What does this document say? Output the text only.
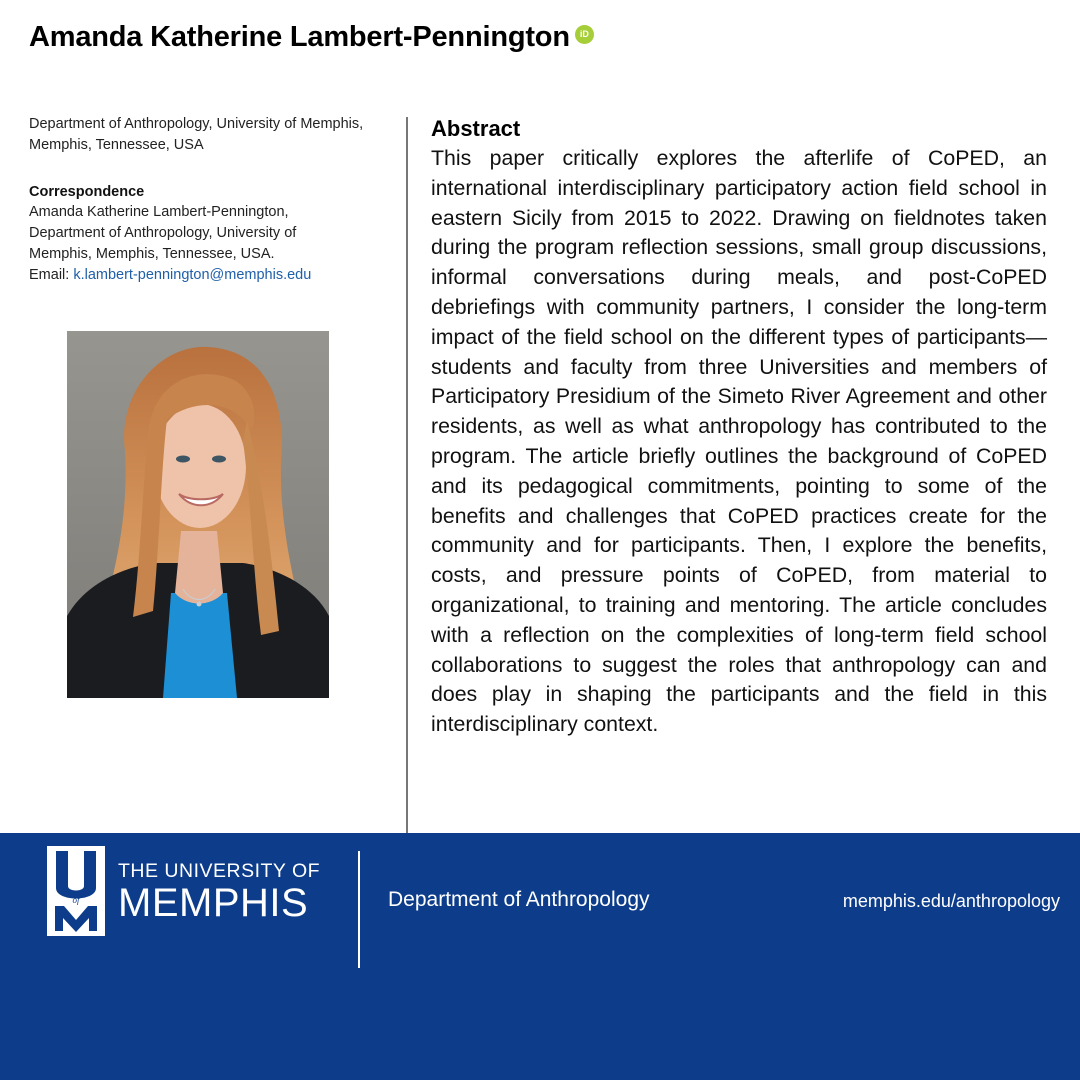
Amanda Katherine Lambert-Pennington	iD

Department of Anthropology, University of Memphis, Memphis, Tennessee, USA

Correspondence
Amanda Katherine Lambert-Pennington,
Department of Anthropology, University of
Memphis, Memphis, Tennessee, USA.
Email: k.lambert-pennington@memphis.edu
Abstract

This paper critically explores the afterlife of CoPED, an international interdisciplinary participatory action field school in eastern Sicily from 2015 to 2022. Drawing on fieldnotes taken during the program reflection sessions, small group discussions, informal conversations during meals, and post-CoPED debriefings with community partners, I consider the long-term impact of the field school on the different types of participants—students and faculty from three Universities and members of Participatory Presidium of the Simeto River Agreement and other residents, as well as what anthropology has contributed to the program. The article briefly outlines the background of CoPED and its pedagogical commitments, pointing to some of the benefits and challenges that CoPED practices create for the community and for participants. Then, I explore the benefits, costs, and pressure points of CoPED, from material to organizational, to training and mentoring. The article concludes with a reflection on the complexities of long-term field school collaborations to suggest the roles that anthropology can and does play in shaping the participants and the field in this interdisciplinary context.

of
THE UNIVERSITY OF
MEMPHIS	Department of Anthropology	memphis.edu/anthropology
